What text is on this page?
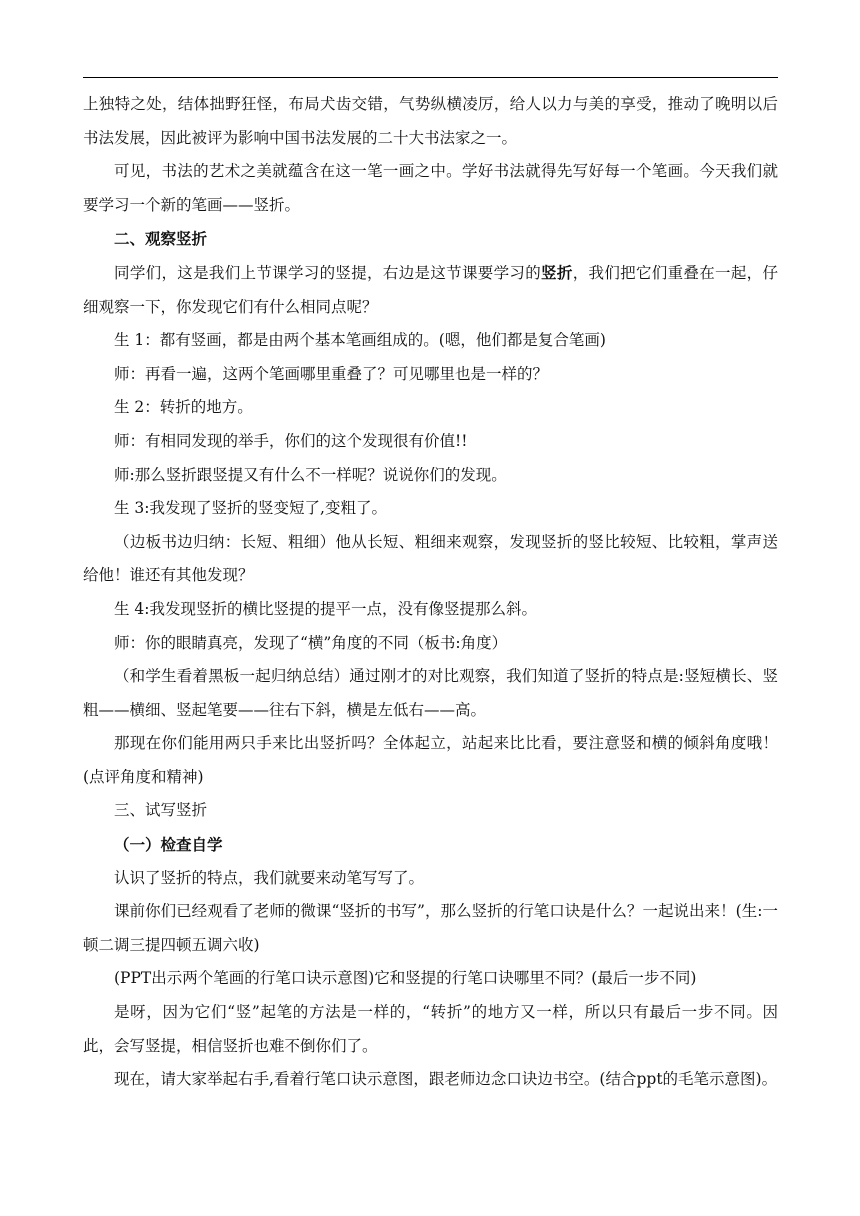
上独特之处，结体拙野狂怪，布局犬齿交错，气势纵横凌厉，给人以力与美的享受，推动了晚明以后书法发展，因此被评为影响中国书法发展的二十大书法家之一。

可见，书法的艺术之美就蕴含在这一笔一画之中。学好书法就得先写好每一个笔画。今天我们就要学习一个新的笔画——竖折。

二、观察竖折

同学们，这是我们上节课学习的竖提，右边是这节课要学习的竖折，我们把它们重叠在一起，仔细观察一下，你发现它们有什么相同点呢？

生 1：都有竖画，都是由两个基本笔画组成的。(嗯，他们都是复合笔画)

师：再看一遍，这两个笔画哪里重叠了？可见哪里也是一样的？

生 2：转折的地方。

师：有相同发现的举手，你们的这个发现很有价值!!

师:那么竖折跟竖提又有什么不一样呢？说说你们的发现。

生 3:我发现了竖折的竖变短了,变粗了。

（边板书边归纳：长短、粗细）他从长短、粗细来观察，发现竖折的竖比较短、比较粗，掌声送给他！谁还有其他发现？

生 4:我发现竖折的横比竖提的提平一点，没有像竖提那么斜。

师：你的眼睛真亮，发现了“横”角度的不同（板书:角度）

（和学生看着黑板一起归纳总结）通过刚才的对比观察，我们知道了竖折的特点是:竖短横长、竖粗——横细、竖起笔要——往右下斜，横是左低右——高。

那现在你们能用两只手来比出竖折吗？全体起立，站起来比比看，要注意竖和横的倾斜角度哦！(点评角度和精神)

三、试写竖折

（一）检查自学

认识了竖折的特点，我们就要来动笔写写了。

课前你们已经观看了老师的微课“竖折的书写”，那么竖折的行笔口诀是什么？一起说出来！(生:一顿二调三提四顿五调六收)

(PPT出示两个笔画的行笔口诀示意图)它和竖提的行笔口诀哪里不同？(最后一步不同)

是呀，因为它们“竖”起笔的方法是一样的，“转折”的地方又一样，所以只有最后一步不同。因此，会写竖提，相信竖折也难不倒你们了。

现在，请大家举起右手,看着行笔口诀示意图，跟老师边念口诀边书空。(结合ppt的毛笔示意图)。
